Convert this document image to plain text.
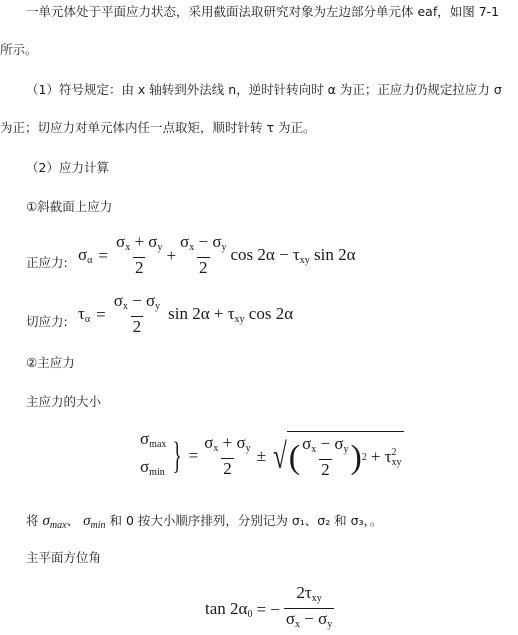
一单元体处于平面应力状态，采用截面法取研究对象为左边部分单元体 eaf，如图 7-1
所示。
（1）符号规定：由 x 轴转到外法线 n，逆时针转向时 α 为正；正应力仍规定拉应力 σ
为正；切应力对单元体内任一点取矩，顺时针转 τ 为正。
（2）应力计算
①斜截面上应力
正应力: $\sigma_\alpha = \frac{\sigma_x + \sigma_y}{2} + \frac{\sigma_x - \sigma_y}{2}$ $\cos 2\alpha - \tau_{xy}$ sin 2α
切应力: $\tau_\alpha = \frac{\sigma_x - \sigma_y}{2}$ $\sin 2\alpha + \tau_{xy}$ cos 2α
②主应力
主应力的大小
$\sigma_{max}$
$\sigma_{min}$ } = $\frac{\sigma_x + \sigma_y}{2}$ ± √ ( $\frac{\sigma_x - \sigma_y}{2}$ ) 2 + τ 2
xy
将 $\sigma_{max}$、 $\sigma_{min}$ 和 0 按大小顺序排列，分别记为 σ₁、σ₂ 和 σ₃，。
主平面方位角
$\tan 2\alpha_0$ = − $\frac{2\tau_{xy}}{\sigma_x - \sigma_y}$
